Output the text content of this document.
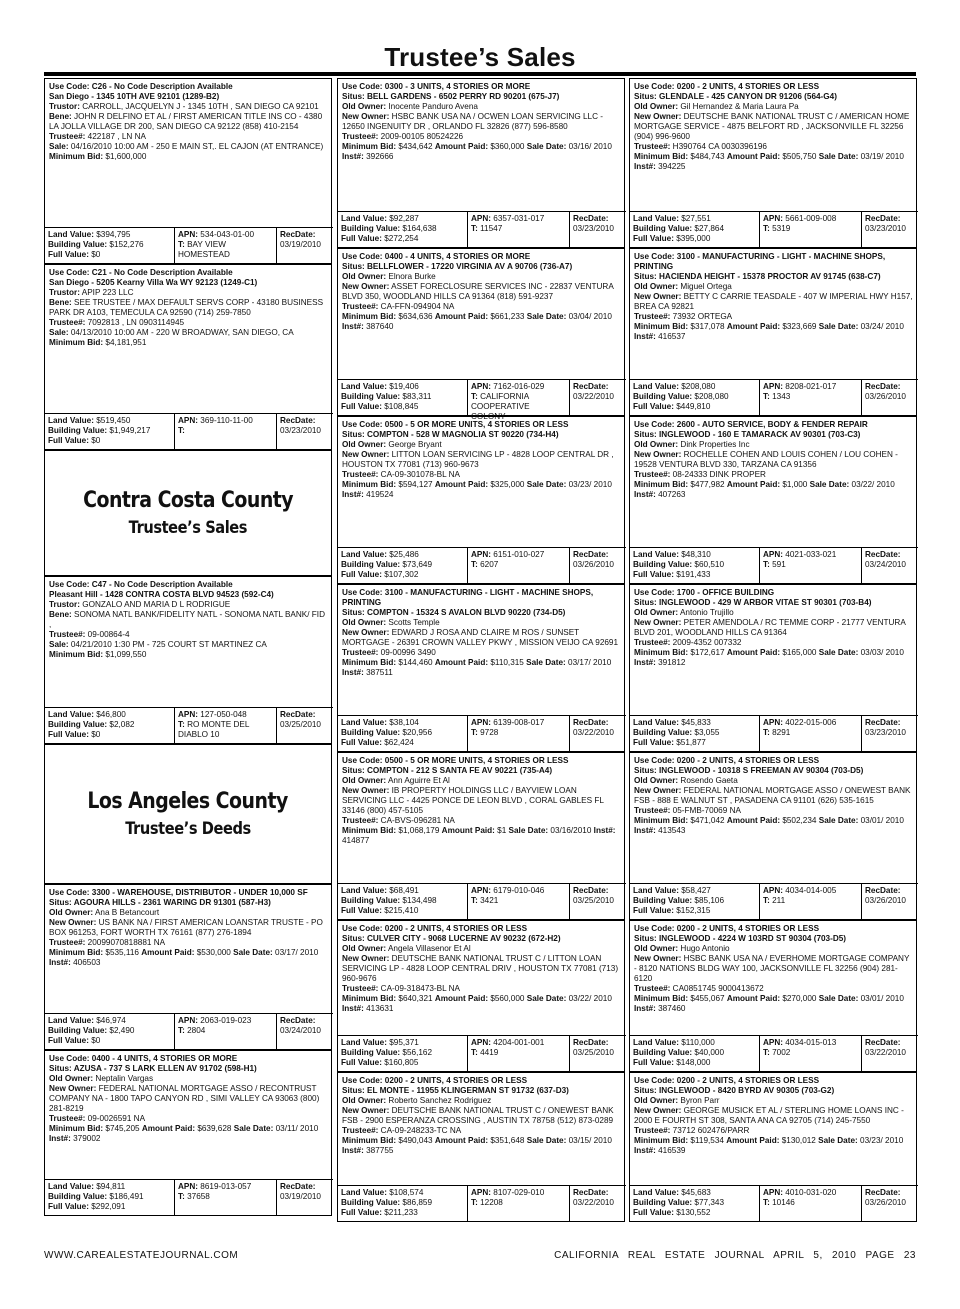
Trustee’s Sales
Use Code: C26 - No Code Description Available
San Diego - 1345 10TH AVE 92101 (1289-B2)
Trustor: CARROLL, JACQUELYN J - 1345 10TH , SAN DIEGO CA 92101
Bene: JOHN R DELFINO ET AL / FIRST AMERICAN TITLE INS CO - 4380 LA JOLLA VILLAGE DR 200, SAN DIEGO CA 92122 (858) 410-2154
Trustee#: 422187 , LN NA
Sale: 04/16/2010 10:00 AM - 250 E MAIN ST,. EL CAJON (AT ENTRANCE)
Minimum Bid: $1,600,000
Land Value: $394,795
Building Value: $152,276
Full Value: $0
APN: 534-043-01-00
T: BAY VIEW HOMESTEAD
RecDate:
03/19/2010
Use Code: C21 - No Code Description Available
San Diego - 5205 Kearny Villa Wa WY 92123 (1249-C1)
Trustor: APIP 223 LLC
Bene: SEE TRUSTEE / MAX DEFAULT SERVS CORP - 43180 BUSINESS PARK DR A103, TEMECULA CA 92590 (714) 259-7850
Trustee#: 7092813 , LN 0903114945
Sale: 04/13/2010 10:00 AM - 220 W BROADWAY, SAN DIEGO, CA
Minimum Bid: $4,181,951
Land Value: $519,450
Building Value: $1,949,217
Full Value: $0
APN: 369-110-11-00
T:
RecDate:
03/23/2010
Contra Costa County
Trustee’s Sales
Use Code: C47 - No Code Description Available
Pleasant Hill - 1428 CONTRA COSTA BLVD 94523 (592-C4)
Trustor: GONZALO AND MARIA D L RODRIGUE
Bene: SONOMA NATL BANK/FIDELITY NATL - SONOMA NATL BANK/ FID ,
Trustee#: 09-00864-4
Sale: 04/21/2010 1:30 PM - 725 COURT ST MARTINEZ CA
Minimum Bid: $1,099,550
Land Value: $46,800
Building Value: $2,082
Full Value: $0
APN: 127-050-048
T: RO MONTE DEL DIABLO 10
RecDate:
03/25/2010
Los Angeles County
Trustee’s Deeds
Use Code: 3300 - WAREHOUSE, DISTRIBUTOR - UNDER 10,000 SF
Situs: AGOURA HILLS - 2361 WARING DR 91301 (587-H3)
Old Owner: Ana B Betancourt
New Owner: US BANK NA / FIRST AMERICAN LOANSTAR TRUSTE - PO BOX 961253, FORT WORTH TX 76161 (877) 276-1894
Trustee#: 20099070818881 NA
Minimum Bid: $535,116 Amount Paid: $530,000 Sale Date: 03/17/ 2010 Inst#: 406503
Land Value: $46,974
Building Value: $2,490
Full Value: $0
APN: 2063-019-023
T: 2804
RecDate:
03/24/2010
Use Code: 0400 - 4 UNITS, 4 STORIES OR MORE
Situs: AZUSA - 737 S LARK ELLEN AV 91702 (598-H1)
Old Owner: Neptalin Vargas
New Owner: FEDERAL NATIONAL MORTGAGE ASSO / RECONTRUST COMPANY NA - 1800 TAPO CANYON RD , SIMI VALLEY CA 93063 (800) 281-8219
Trustee#: 09-0026591 NA
Minimum Bid: $745,205 Amount Paid: $639,628 Sale Date: 03/11/ 2010 Inst#: 379002
Land Value: $94,811
Building Value: $186,491
Full Value: $292,091
APN: 8619-013-057
T: 37658
RecDate:
03/19/2010
Use Code: 0300 - 3 UNITS, 4 STORIES OR MORE
Situs: BELL GARDENS - 6502 PERRY RD 90201 (675-J7)
Old Owner: Inocente Panduro Avena
New Owner: HSBC BANK USA NA / OCWEN LOAN SERVICING LLC - 12650 INGENUITY DR , ORLANDO FL 32826 (877) 596-8580
Trustee#: 2009-00105 80524226
Minimum Bid: $434,642 Amount Paid: $360,000 Sale Date: 03/16/ 2010 Inst#: 392666
Land Value: $92,287
Building Value: $164,638
Full Value: $272,254
APN: 6357-031-017
T: 11547
RecDate:
03/23/2010
Use Code: 0400 - 4 UNITS, 4 STORIES OR MORE
Situs: BELLFLOWER - 17220 VIRGINIA AV A 90706 (736-A7)
Old Owner: Elnora Burke
New Owner: ASSET FORECLOSURE SERVICES INC - 22837 VENTURA BLVD 350, WOODLAND HILLS CA 91364 (818) 591-9237
Trustee#: CA-FFN-094904 NA
Minimum Bid: $634,636 Amount Paid: $661,233 Sale Date: 03/04/ 2010 Inst#: 387640
Land Value: $19,406
Building Value: $83,311
Full Value: $108,845
APN: 7162-016-029
T: CALIFORNIA COOPERATIVE COLONY
RecDate:
03/22/2010
Use Code: 0500 - 5 OR MORE UNITS, 4 STORIES OR LESS
Situs: COMPTON - 528 W MAGNOLIA ST 90220 (734-H4)
Old Owner: George Bryant
New Owner: LITTON LOAN SERVICING LP - 4828 LOOP CENTRAL DR , HOUSTON TX 77081 (713) 960-9673
Trustee#: CA-09-301078-BL NA
Minimum Bid: $594,127 Amount Paid: $325,000 Sale Date: 03/23/ 2010 Inst#: 419524
Land Value: $25,486
Building Value: $73,649
Full Value: $107,302
APN: 6151-010-027
T: 6207
RecDate:
03/26/2010
Use Code: 3100 - MANUFACTURING - LIGHT - MACHINE SHOPS, PRINTING
Situs: COMPTON - 15324 S AVALON BLVD 90220 (734-D5)
Old Owner: Scotts Temple
New Owner: EDWARD J ROSA AND CLAIRE M ROS / SUNSET MORTGAGE - 26391 CROWN VALLEY PKWY , MISSION VEIJO CA 92691
Trustee#: 09-00996 3490
Minimum Bid: $144,460 Amount Paid: $110,315 Sale Date: 03/17/ 2010 Inst#: 387511
Land Value: $38,104
Building Value: $20,956
Full Value: $62,424
APN: 6139-008-017
T: 9728
RecDate:
03/22/2010
Use Code: 0500 - 5 OR MORE UNITS, 4 STORIES OR LESS
Situs: COMPTON - 212 S SANTA FE AV 90221 (735-A4)
Old Owner: Ann Aguirre Et Al
New Owner: IB PROPERTY HOLDINGS LLC / BAYVIEW LOAN SERVICING LLC - 4425 PONCE DE LEON BLVD , CORAL GABLES FL 33146 (800) 457-5105
Trustee#: CA-BVS-096281 NA
Minimum Bid: $1,068,179 Amount Paid: $1 Sale Date: 03/16/2010 Inst#: 414877
Land Value: $68,491
Building Value: $134,498
Full Value: $215,410
APN: 6179-010-046
T: 3421
RecDate:
03/25/2010
Use Code: 0200 - 2 UNITS, 4 STORIES OR LESS
Situs: CULVER CITY - 9068 LUCERNE AV 90232 (672-H2)
Old Owner: Angela Villasenor Et Al
New Owner: DEUTSCHE BANK NATIONAL TRUST C / LITTON LOAN SERVICING LP - 4828 LOOP CENTRAL DRIV , HOUSTON TX 77081 (713) 960-9676
Trustee#: CA-09-318473-BL NA
Minimum Bid: $640,321 Amount Paid: $560,000 Sale Date: 03/22/ 2010 Inst#: 413631
Land Value: $95,371
Building Value: $56,162
Full Value: $160,805
APN: 4204-001-001
T: 4419
RecDate:
03/25/2010
Use Code: 0200 - 2 UNITS, 4 STORIES OR LESS
Situs: EL MONTE - 11955 KLINGERMAN ST 91732 (637-D3)
Old Owner: Roberto Sanchez Rodriguez
New Owner: DEUTSCHE BANK NATIONAL TRUST C / ONEWEST BANK FSB - 2900 ESPERANZA CROSSING , AUSTIN TX 78758 (512) 873-0289
Trustee#: CA-09-248233-TC NA
Minimum Bid: $490,043 Amount Paid: $351,648 Sale Date: 03/15/ 2010 Inst#: 387755
Land Value: $108,574
Building Value: $86,859
Full Value: $211,233
APN: 8107-029-010
T: 12208
RecDate:
03/22/2010
Use Code: 0200 - 2 UNITS, 4 STORIES OR LESS
Situs: GLENDALE - 425 CANYON DR 91206 (564-G4)
Old Owner: Gil Hernandez & Maria Laura Pa
New Owner: DEUTSCHE BANK NATIONAL TRUST C / AMERICAN HOME MORTGAGE SERVICE - 4875 BELFORT RD , JACKSONVILLE FL 32256 (904) 996-9600
Trustee#: H390764 CA 0030396196
Minimum Bid: $484,743 Amount Paid: $505,750 Sale Date: 03/19/ 2010 Inst#: 394225
Land Value: $27,551
Building Value: $27,864
Full Value: $395,000
APN: 5661-009-008
T: 5319
RecDate:
03/23/2010
Use Code: 3100 - MANUFACTURING - LIGHT - MACHINE SHOPS, PRINTING
Situs: HACIENDA HEIGHT - 15378 PROCTOR AV 91745 (638-C7)
Old Owner: Miguel Ortega
New Owner: BETTY C CARRIE TEASDALE - 407 W IMPERIAL HWY H157, BREA CA 92821
Trustee#: 73932 ORTEGA
Minimum Bid: $317,078 Amount Paid: $323,669 Sale Date: 03/24/ 2010 Inst#: 416537
Land Value: $208,080
Building Value: $208,080
Full Value: $449,810
APN: 8208-021-017
T: 1343
RecDate:
03/26/2010
Use Code: 2600 - AUTO SERVICE, BODY & FENDER REPAIR
Situs: INGLEWOOD - 160 E TAMARACK AV 90301 (703-C3)
Old Owner: Dink Properties Inc
New Owner: ROCHELLE COHEN AND LOUIS COHEN / LOU COHEN - 19528 VENTURA BLVD 330, TARZANA CA 91356
Trustee#: 08-24333 DINK PROPER
Minimum Bid: $477,982 Amount Paid: $1,000 Sale Date: 03/22/ 2010 Inst#: 407263
Land Value: $48,310
Building Value: $60,510
Full Value: $191,433
APN: 4021-033-021
T: 591
RecDate:
03/24/2010
Use Code: 1700 - OFFICE BUILDING
Situs: INGLEWOOD - 429 W ARBOR VITAE ST 90301 (703-B4)
Old Owner: Antonio Trujillo
New Owner: PETER AMENDOLA / RC TEMME CORP - 21777 VENTURA BLVD 201, WOODLAND HILLS CA 91364
Trustee#: 2009-4352 007332
Minimum Bid: $172,617 Amount Paid: $165,000 Sale Date: 03/03/ 2010 Inst#: 391812
Land Value: $45,833
Building Value: $3,055
Full Value: $51,877
APN: 4022-015-006
T: 8291
RecDate:
03/23/2010
Use Code: 0200 - 2 UNITS, 4 STORIES OR LESS
Situs: INGLEWOOD - 10318 S FREEMAN AV 90304 (703-D5)
Old Owner: Rosendo Gaeta
New Owner: FEDERAL NATIONAL MORTGAGE ASSO / ONEWEST BANK FSB - 888 E WALNUT ST , PASADENA CA 91101 (626) 535-1615
Trustee#: 05-FMB-70069 NA
Minimum Bid: $471,042 Amount Paid: $502,234 Sale Date: 03/01/ 2010 Inst#: 413543
Land Value: $58,427
Building Value: $85,106
Full Value: $152,315
APN: 4034-014-005
T: 211
RecDate:
03/26/2010
Use Code: 0200 - 2 UNITS, 4 STORIES OR LESS
Situs: INGLEWOOD - 4224 W 103RD ST 90304 (703-D5)
Old Owner: Hugo Antonio
New Owner: HSBC BANK USA NA / EVERHOME MORTGAGE COMPANY - 8120 NATIONS BLDG WAY 100, JACKSONVILLE FL 32256 (904) 281-6120
Trustee#: CA0851745 9000413672
Minimum Bid: $455,067 Amount Paid: $270,000 Sale Date: 03/01/ 2010 Inst#: 387460
Land Value: $110,000
Building Value: $40,000
Full Value: $148,000
APN: 4034-015-013
T: 7002
RecDate:
03/22/2010
Use Code: 0200 - 2 UNITS, 4 STORIES OR LESS
Situs: INGLEWOOD - 8420 BYRD AV 90305 (703-G2)
Old Owner: Byron Parr
New Owner: GEORGE MUSICK ET AL / STERLING HOME LOANS INC - 2000 E FOURTH ST 308, SANTA ANA CA 92705 (714) 245-7550
Trustee#: 73712 602476/PARR
Minimum Bid: $119,534 Amount Paid: $130,012 Sale Date: 03/23/ 2010 Inst#: 416539
Land Value: $45,683
Building Value: $77,343
Full Value: $130,552
APN: 4010-031-020
T: 10146
RecDate:
03/26/2010
WWW.CAREALESTATEJOURNAL.COM	CALIFORNIA REAL ESTATE JOURNAL APRIL 5, 2010 PAGE 23
